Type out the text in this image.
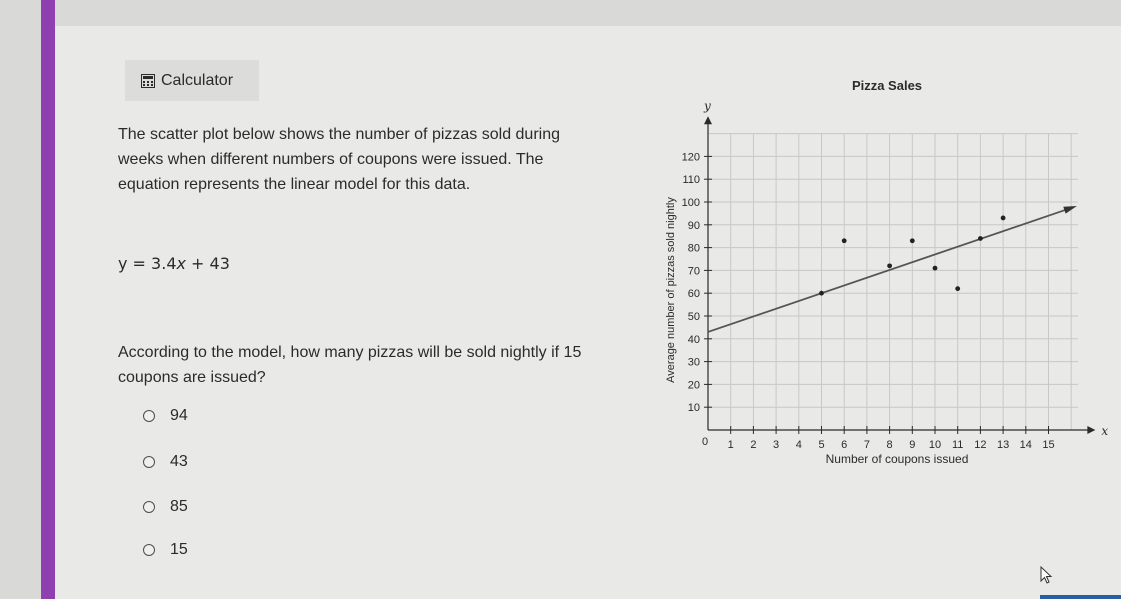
Calculator
The scatter plot below shows the number of pizzas sold during weeks when different numbers of coupons were issued. The equation represents the linear model for this data.
y = 3.4x + 43
According to the model, how many pizzas will be sold nightly if 15 coupons are issued?
94
43
85
15
x
y
1 2 3 4 5 6 7 8 9 10 11 12 13 14 15
0
10
20
30
40
50
60
70
80
90
100
110
120
Pizza Sales
Number of coupons issued
Average number of pizzas sold nightly
